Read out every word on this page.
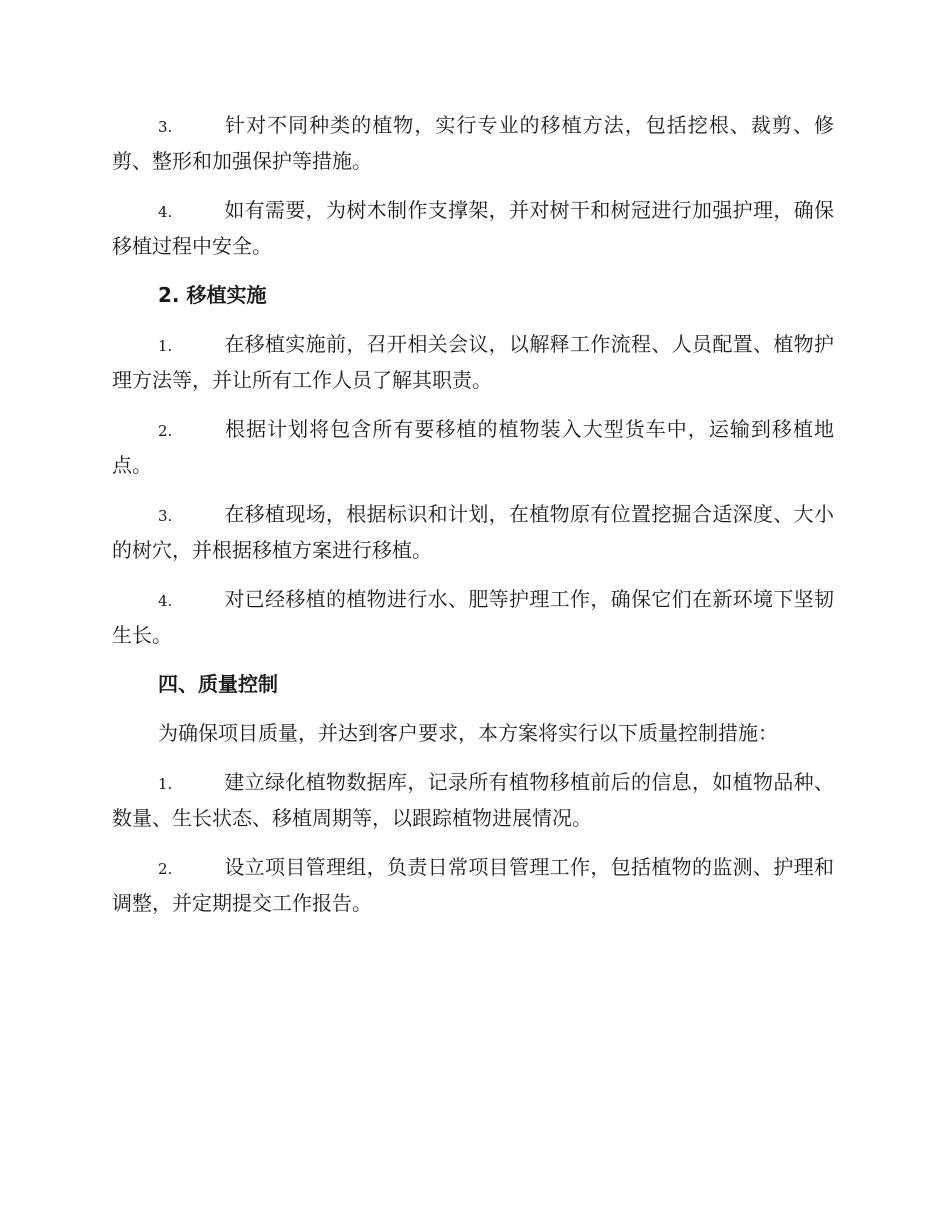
3.	针对不同种类的植物，实行专业的移植方法，包括挖根、裁剪、修剪、整形和加强保护等措施。

4.	如有需要，为树木制作支撑架，并对树干和树冠进行加强护理，确保移植过程中安全。

2. 移植实施

1.	在移植实施前，召开相关会议，以解释工作流程、人员配置、植物护理方法等，并让所有工作人员了解其职责。

2.	根据计划将包含所有要移植的植物装入大型货车中，运输到移植地点。

3.	在移植现场，根据标识和计划，在植物原有位置挖掘合适深度、大小的树穴，并根据移植方案进行移植。

4.	对已经移植的植物进行水、肥等护理工作，确保它们在新环境下坚韧生长。

四、质量控制

为确保项目质量，并达到客户要求，本方案将实行以下质量控制措施：

1.	建立绿化植物数据库，记录所有植物移植前后的信息，如植物品种、数量、生长状态、移植周期等，以跟踪植物进展情况。

2.	设立项目管理组，负责日常项目管理工作，包括植物的监测、护理和调整，并定期提交工作报告。
